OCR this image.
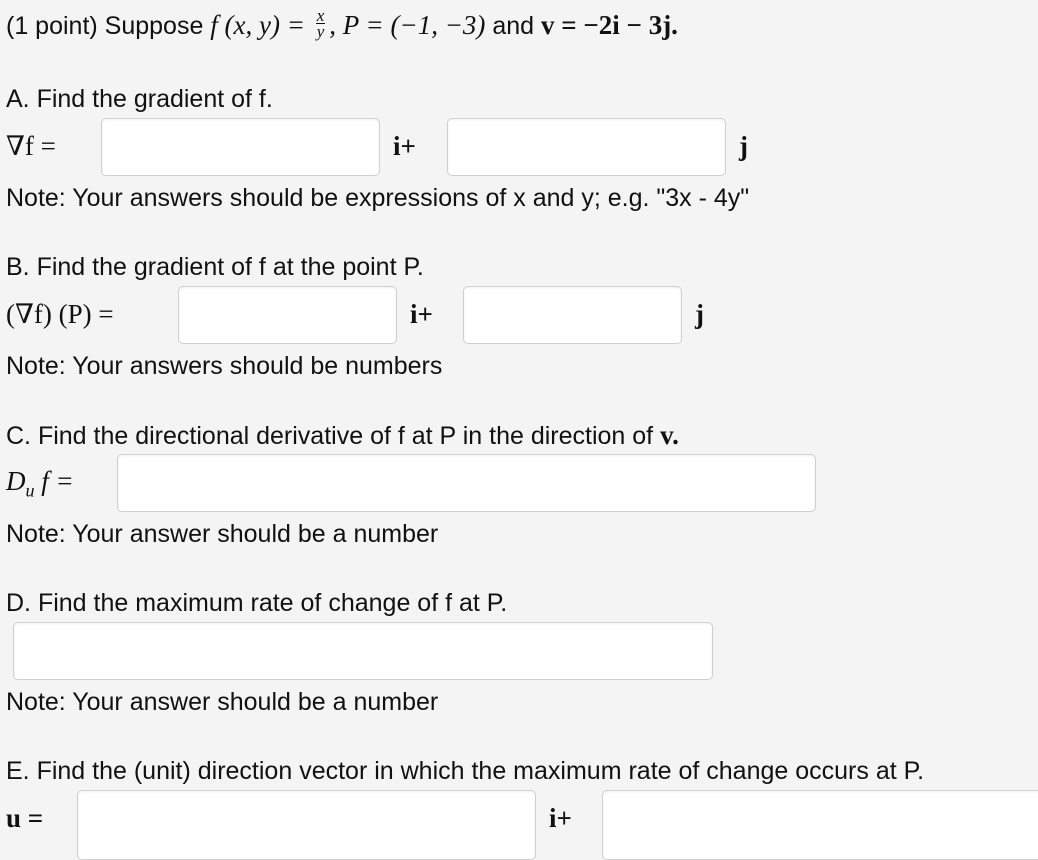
(1 point) Suppose f (x, $y) = \frac{x}{y}$ , P = (−1, −3) and v = −2i − 3j.
A. Find the gradient of f.
∇f =	i+	j
Note: Your answers should be expressions of x and y; e.g. "3x - 4y"
B. Find the gradient of f at the point P.
(∇f) (P) =	i+	j
Note: Your answers should be numbers
C. Find the directional derivative of f at P in the direction of v.
$D_u$ f =
Note: Your answer should be a number
D. Find the maximum rate of change of f at P.
Note: Your answer should be a number
E. Find the (unit) direction vector in which the maximum rate of change occurs at P.
u =	i+
